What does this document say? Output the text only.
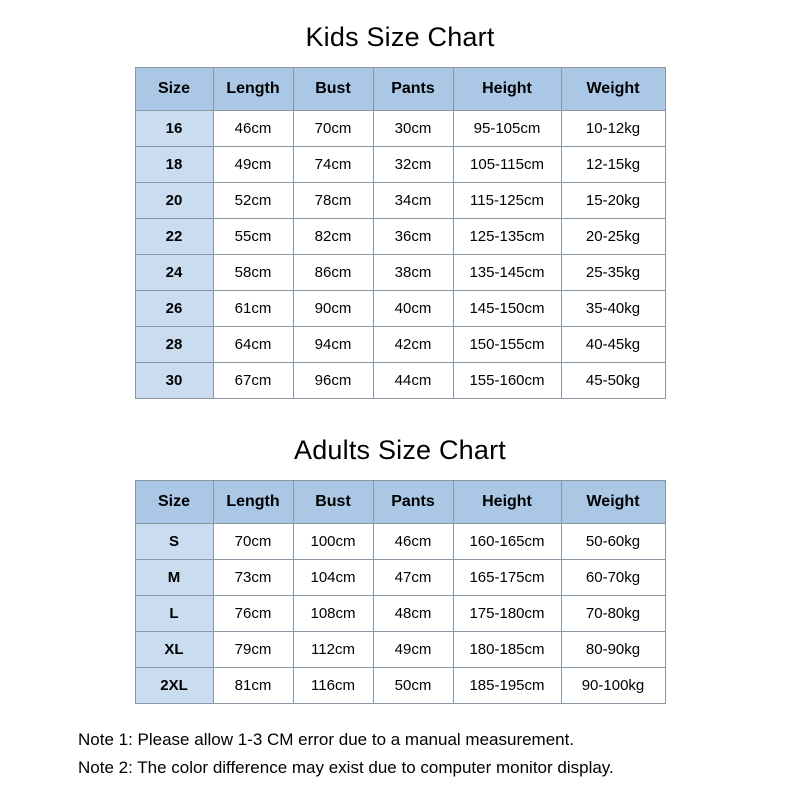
Kids Size Chart
Size	Length	Bust	Pants	Height	Weight
16	46cm	70cm	30cm	95-105cm	10-12kg
18	49cm	74cm	32cm	105-115cm	12-15kg
20	52cm	78cm	34cm	115-125cm	15-20kg
22	55cm	82cm	36cm	125-135cm	20-25kg
24	58cm	86cm	38cm	135-145cm	25-35kg
26	61cm	90cm	40cm	145-150cm	35-40kg
28	64cm	94cm	42cm	150-155cm	40-45kg
30	67cm	96cm	44cm	155-160cm	45-50kg
Adults Size Chart
Size	Length	Bust	Pants	Height	Weight
S	70cm	100cm	46cm	160-165cm	50-60kg
M	73cm	104cm	47cm	165-175cm	60-70kg
L	76cm	108cm	48cm	175-180cm	70-80kg
XL	79cm	112cm	49cm	180-185cm	80-90kg
2XL	81cm	116cm	50cm	185-195cm	90-100kg
Note 1: Please allow 1-3 CM error due to a manual measurement.
Note 2: The color difference may exist due to computer monitor display.
